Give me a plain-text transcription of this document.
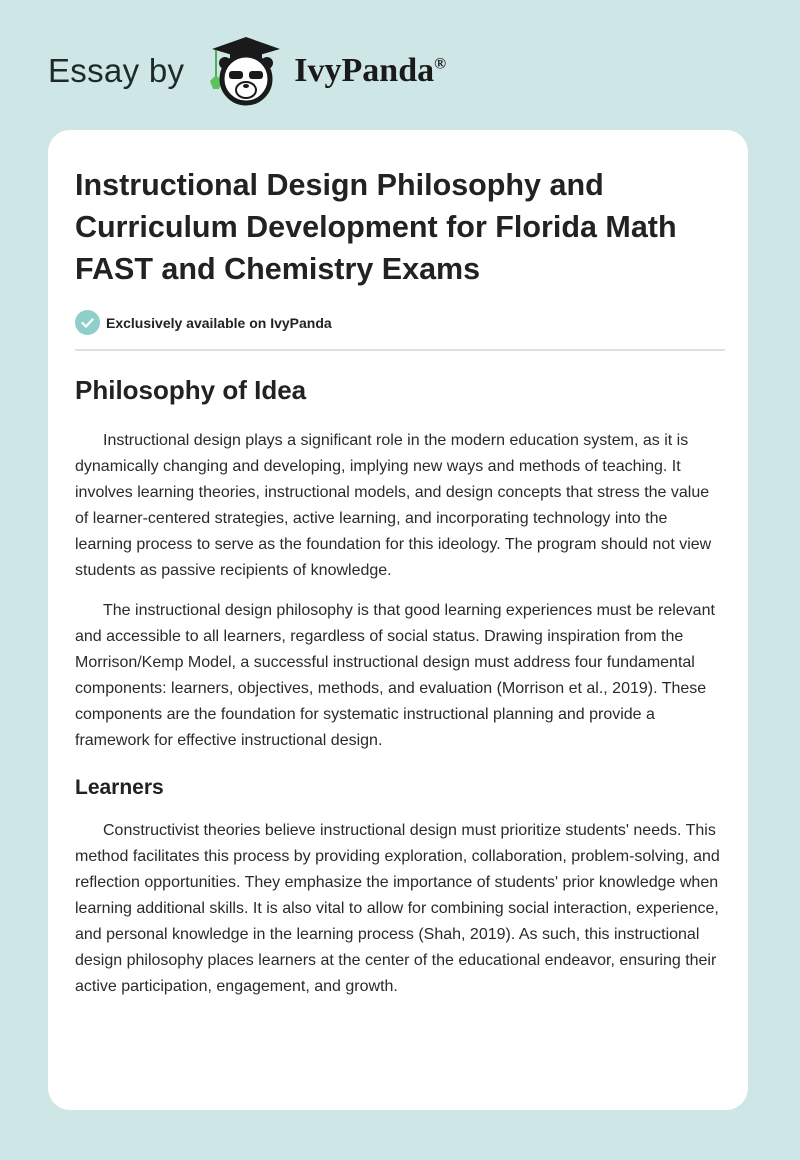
Essay by	IvyPanda®
Instructional Design Philosophy and Curriculum Development for Florida Math FAST and Chemistry Exams
Exclusively available on IvyPanda
Philosophy of Idea

Instructional design plays a significant role in the modern education system, as it is dynamically changing and developing, implying new ways and methods of teaching. It involves learning theories, instructional models, and design concepts that stress the value of learner-centered strategies, active learning, and incorporating technology into the learning process to serve as the foundation for this ideology. The program should not view students as passive recipients of knowledge.

The instructional design philosophy is that good learning experiences must be relevant and accessible to all learners, regardless of social status. Drawing inspiration from the Morrison/Kemp Model, a successful instructional design must address four fundamental components: learners, objectives, methods, and evaluation (Morrison et al., 2019). These components are the foundation for systematic instructional planning and provide a framework for effective instructional design.

Learners

Constructivist theories believe instructional design must prioritize students' needs. This method facilitates this process by providing exploration, collaboration, problem-solving, and reflection opportunities. They emphasize the importance of students' prior knowledge when learning additional skills. It is also vital to allow for combining social interaction, experience, and personal knowledge in the learning process (Shah, 2019). As such, this instructional design philosophy places learners at the center of the educational endeavor, ensuring their active participation, engagement, and growth.
